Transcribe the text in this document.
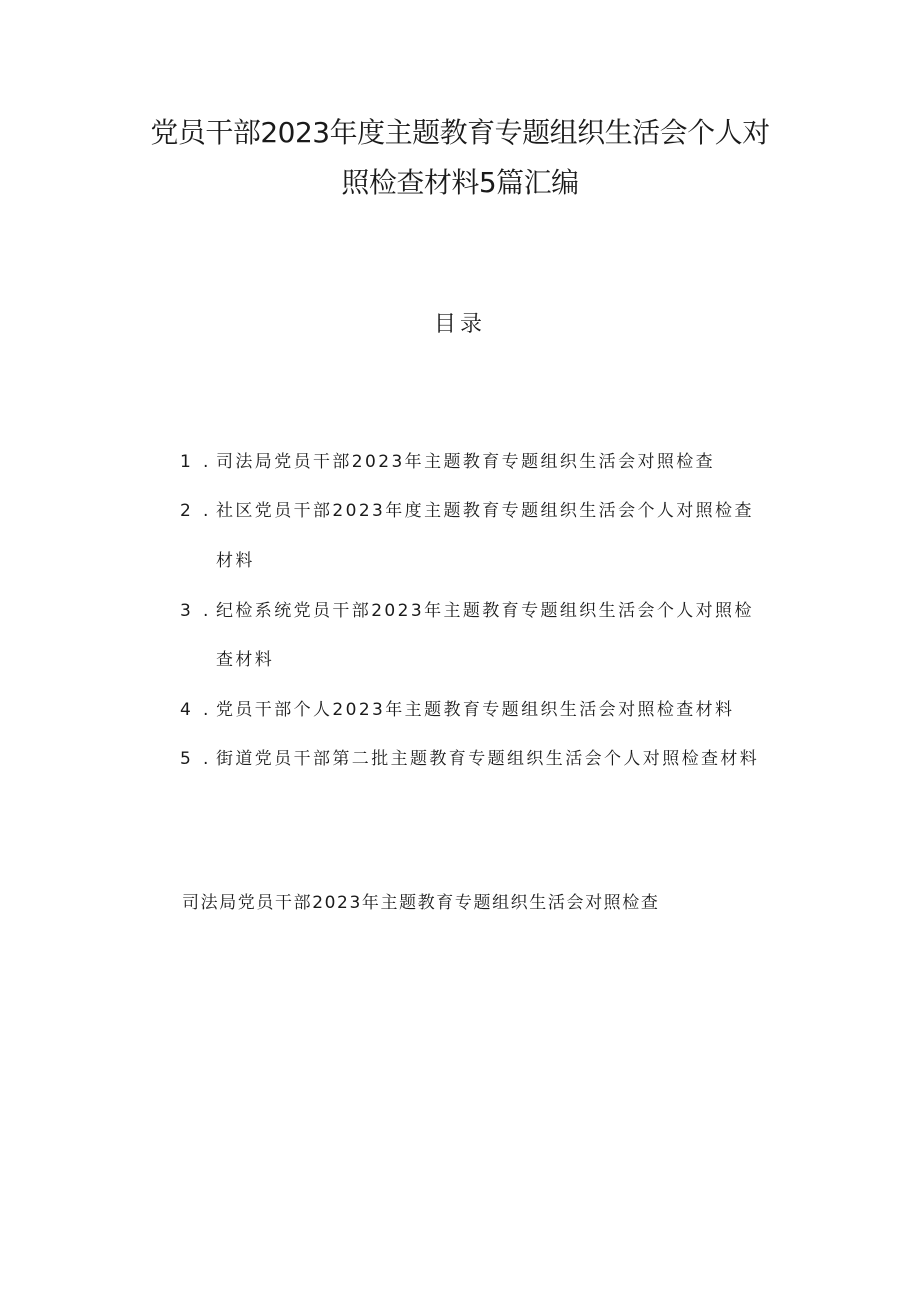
党员干部2023年度主题教育专题组织生活会个人对
照检查材料5篇汇编
目录
1 . 司法局党员干部2023年主题教育专题组织生活会对照检查
2 . 社区党员干部2023年度主题教育专题组织生活会个人对照检查
材料
3 . 纪检系统党员干部2023年主题教育专题组织生活会个人对照检
查材料
4 . 党员干部个人2023年主题教育专题组织生活会对照检查材料
5 . 街道党员干部第二批主题教育专题组织生活会个人对照检查材料
司法局党员干部2023年主题教育专题组织生活会对照检查
